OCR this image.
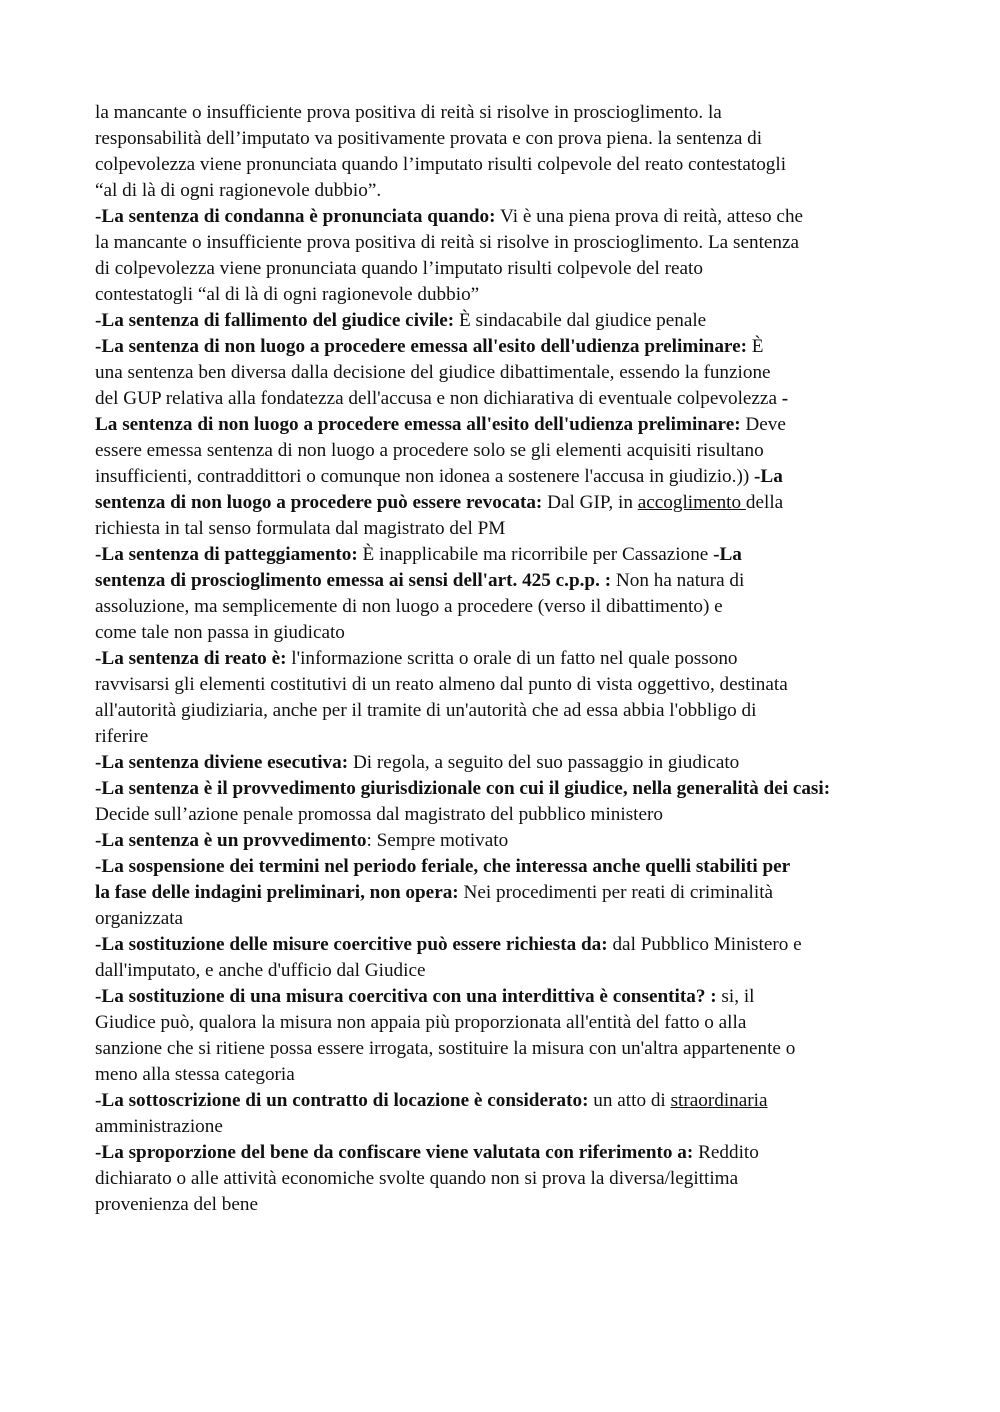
la mancante o insufficiente prova positiva di reità si risolve in proscioglimento. la
responsabilità dell’imputato va positivamente provata e con prova piena. la sentenza di
colpevolezza viene pronunciata quando l’imputato risulti colpevole del reato contestatogli
“al di là di ogni ragionevole dubbio”.
-La sentenza di condanna è pronunciata quando: Vi è una piena prova di reità, atteso che
la mancante o insufficiente prova positiva di reità si risolve in proscioglimento. La sentenza
di colpevolezza viene pronunciata quando l’imputato risulti colpevole del reato
contestatogli “al di là di ogni ragionevole dubbio”
-La sentenza di fallimento del giudice civile: È sindacabile dal giudice penale
-La sentenza di non luogo a procedere emessa all'esito dell'udienza preliminare: È
una sentenza ben diversa dalla decisione del giudice dibattimentale, essendo la funzione
del GUP relativa alla fondatezza dell'accusa e non dichiarativa di eventuale colpevolezza -
La sentenza di non luogo a procedere emessa all'esito dell'udienza preliminare: Deve
essere emessa sentenza di non luogo a procedere solo se gli elementi acquisiti risultano
insufficienti, contraddittori o comunque non idonea a sostenere l'accusa in giudizio.)) -La
sentenza di non luogo a procedere può essere revocata: Dal GIP, in accoglimento della
richiesta in tal senso formulata dal magistrato del PM
-La sentenza di patteggiamento: È inapplicabile ma ricorribile per Cassazione -La
sentenza di proscioglimento emessa ai sensi dell'art. 425 c.p.p. : Non ha natura di
assoluzione, ma semplicemente di non luogo a procedere (verso il dibattimento) e
come tale non passa in giudicato
-La sentenza di reato è: l'informazione scritta o orale di un fatto nel quale possono
ravvisarsi gli elementi costitutivi di un reato almeno dal punto di vista oggettivo, destinata
all'autorità giudiziaria, anche per il tramite di un'autorità che ad essa abbia l'obbligo di
riferire
-La sentenza diviene esecutiva: Di regola, a seguito del suo passaggio in giudicato
-La sentenza è il provvedimento giurisdizionale con cui il giudice, nella generalità dei casi:
Decide sull’azione penale promossa dal magistrato del pubblico ministero
-La sentenza è un provvedimento: Sempre motivato
-La sospensione dei termini nel periodo feriale, che interessa anche quelli stabiliti per
la fase delle indagini preliminari, non opera: Nei procedimenti per reati di criminalità
organizzata
-La sostituzione delle misure coercitive può essere richiesta da: dal Pubblico Ministero e
dall'imputato, e anche d'ufficio dal Giudice
-La sostituzione di una misura coercitiva con una interdittiva è consentita? : si, il
Giudice può, qualora la misura non appaia più proporzionata all'entità del fatto o alla
sanzione che si ritiene possa essere irrogata, sostituire la misura con un'altra appartenente o
meno alla stessa categoria
-La sottoscrizione di un contratto di locazione è considerato: un atto di straordinaria
amministrazione
-La sproporzione del bene da confiscare viene valutata con riferimento a: Reddito
dichiarato o alle attività economiche svolte quando non si prova la diversa/legittima
provenienza del bene
